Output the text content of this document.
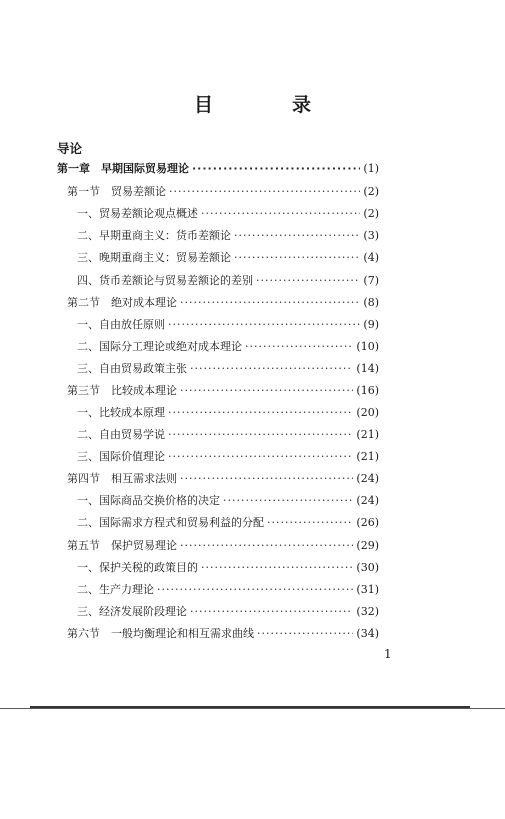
目　录
导论
第一章　早期国际贸易理论 ·····	(1)
第一节　贸易差额论 ·····	(2)
一、贸易差额论观点概述 ·····	(2)
二、早期重商主义：货币差额论 ·····	(3)
三、晚期重商主义：贸易差额论 ·····	(4)
四、货币差额论与贸易差额论的差别 ·····	(7)
第二节　绝对成本理论 ·····	(8)
一、自由放任原则 ·····	(9)
二、国际分工理论或绝对成本理论 ·····	(10)
三、自由贸易政策主张 ·····	(14)
第三节　比较成本理论 ·····	(16)
一、比较成本原理 ·····	(20)
二、自由贸易学说 ·····	(21)
三、国际价值理论 ·····	(21)
第四节　相互需求法则 ·····	(24)
一、国际商品交换价格的决定 ·····	(24)
二、国际需求方程式和贸易利益的分配 ·····	(26)
第五节　保护贸易理论 ·····	(29)
一、保护关税的政策目的 ·····	(30)
二、生产力理论 ·····	(31)
三、经济发展阶段理论 ·····	(32)
第六节　一般均衡理论和相互需求曲线 ·····	(34)
1
